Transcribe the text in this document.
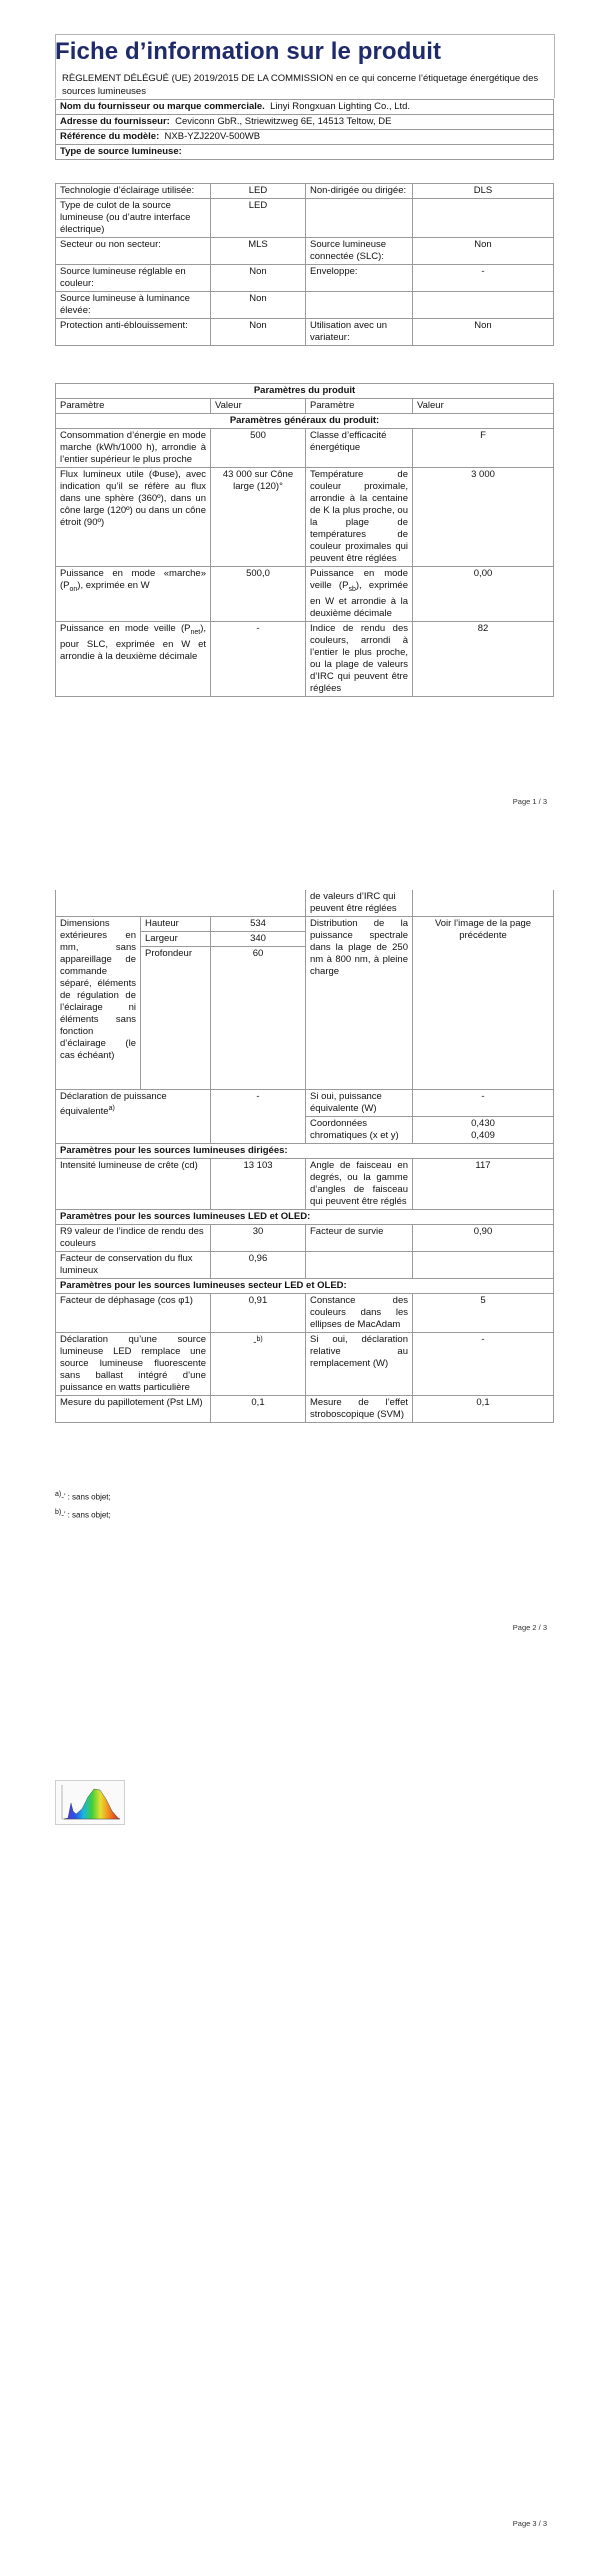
Fiche d’information sur le produit
RÈGLEMENT DÉLÉGUÉ (UE) 2019/2015 DE LA COMMISSION en ce qui concerne l’étiquetage énergétique des sources lumineuses
Nom du fournisseur ou marque commerciale. Linyi Rongxuan Lighting Co., Ltd.
Adresse du fournisseur: Ceviconn GbR., Striewitzweg 6E, 14513 Teltow, DE
Référence du modèle: NXB-YZJ220V-500WB
Type de source lumineuse:
Technologie d’éclairage utilisée:	LED	Non-dirigée ou dirigée:	DLS
Type de culot de la source lumineuse (ou d’autre interface électrique)	LED		
Secteur ou non secteur:	MLS	Source lumineuse connectée (SLC):	Non
Source lumineuse réglable en couleur:	Non	Enveloppe:	-
Source lumineuse à luminance élevée:	Non		
Protection anti-éblouissement:	Non	Utilisation avec un variateur:	Non
Paramètres du produit			
Paramètre	Valeur	Paramètre	Valeur
Paramètres généraux du produit:			
Consommation d’énergie en mode marche (kWh/1000 h), arrondie à l’entier supérieur le plus proche	500	Classe d’efficacité énergétique	F
Flux lumineux utile (Φuse), avec indication qu’il se réfère au flux dans une sphère (360º), dans un cône large (120º) ou dans un cône étroit (90º)	43 000 sur Cône large (120)°	Température de couleur proximale, arrondie à la centaine de K la plus proche, ou la plage de températures de couleur proximales qui peuvent être réglées	3 000
Puissance en mode «marche» $(P_{on})$, exprimée en W	500,0	Puissance en mode veille $(P_{sb})$, exprimée en W et arrondie à la deuxième décimale	0,00
Puissance en mode veille $(P_{net})$, pour SLC, exprimée en W et arrondie à la deuxième décimale	-	Indice de rendu des couleurs, arrondi à l’entier le plus proche, ou la plage de valeurs d’IRC qui peuvent être réglées	82
Page 1 / 3
			de valeurs d’IRC qui peuvent être réglées	
Dimensions extérieures en mm, sans appareillage de commande séparé, éléments de régulation de l’éclairage ni éléments sans fonction d’éclairage (le cas échéant)	Hauteur	534	Distribution de la puissance spectrale dans la plage de 250 nm à 800 nm, à pleine charge	Voir l’image de la page précédente
	Largeur	340		
	Profondeur	60		
Déclaration de puissance équivalente$^{a)}$		-	Si oui, puissance équivalente (W)	-
			Coordonnées chromatiques (x et y)	0,430
0,409

Paramètres pour les sources lumineuses dirigées:				
Intensité lumineuse de crête (cd)		13 103	Angle de faisceau en degrés, ou la gamme d’angles de faisceau qui peuvent être réglés	117
Paramètres pour les sources lumineuses LED et OLED:				
R9 valeur de l’indice de rendu des couleurs		30	Facteur de survie	0,90
Facteur de conservation du flux lumineux		0,96		
Paramètres pour les sources lumineuses secteur LED et OLED:				
Facteur de déphasage (cos φ1)		0,91	Constance des couleurs dans les ellipses de MacAdam	5
Déclaration qu’une source lumineuse LED remplace une source lumineuse fluorescente sans ballast intégré d’une puissance en watts particulière		-$^{b)}$	Si oui, déclaration relative au remplacement (W)	-
Mesure du papillotement (Pst LM)		0,1	Mesure de l’effet stroboscopique (SVM)	0,1
a)-’ : sans objet;
b)-’ : sans objet;
Page 2 / 3
Page 3 / 3
